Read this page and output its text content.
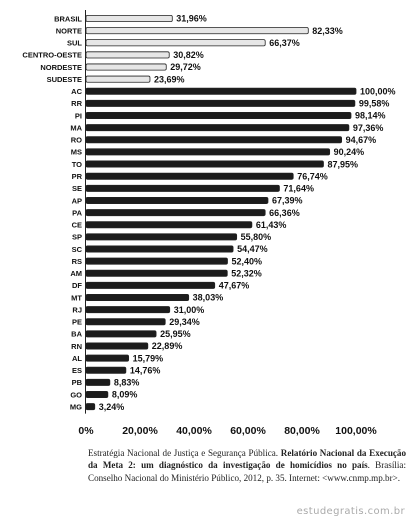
BRASIL	31,96%
NORTE	82,33%
SUL	66,37%
CENTRO-OESTE	30,82%
NORDESTE	29,72%
SUDESTE	23,69%
AC	100,00%
RR	99,58%
PI	98,14%
MA	97,36%
RO	94,67%
MS	90,24%
TO	87,95%
PR	76,74%
SE	71,64%
AP	67,39%
PA	66,36%
CE	61,43%
SP	55,80%
SC	54,47%
RS	52,40%
AM	52,32%
DF	47,67%
MT	38,03%
RJ	31,00%
PE	29,34%
BA	25,95%
RN	22,89%
AL	15,79%
ES	14,76%
PB	8,83%
GO	8,09%
MG 3,24%
0%	20,00% 40,00% 60,00% 80,00% 100,00%

Estratégia Nacional de Justiça e Segurança Pública. Relatório Nacional da Execução da Meta 2: um diagnóstico da investigação de homicídios no país. Brasília: Conselho Nacional do Ministério Público, 2012, p. 35. Internet: <www.cnmp.mp.br>.

estudegratis.com.br
